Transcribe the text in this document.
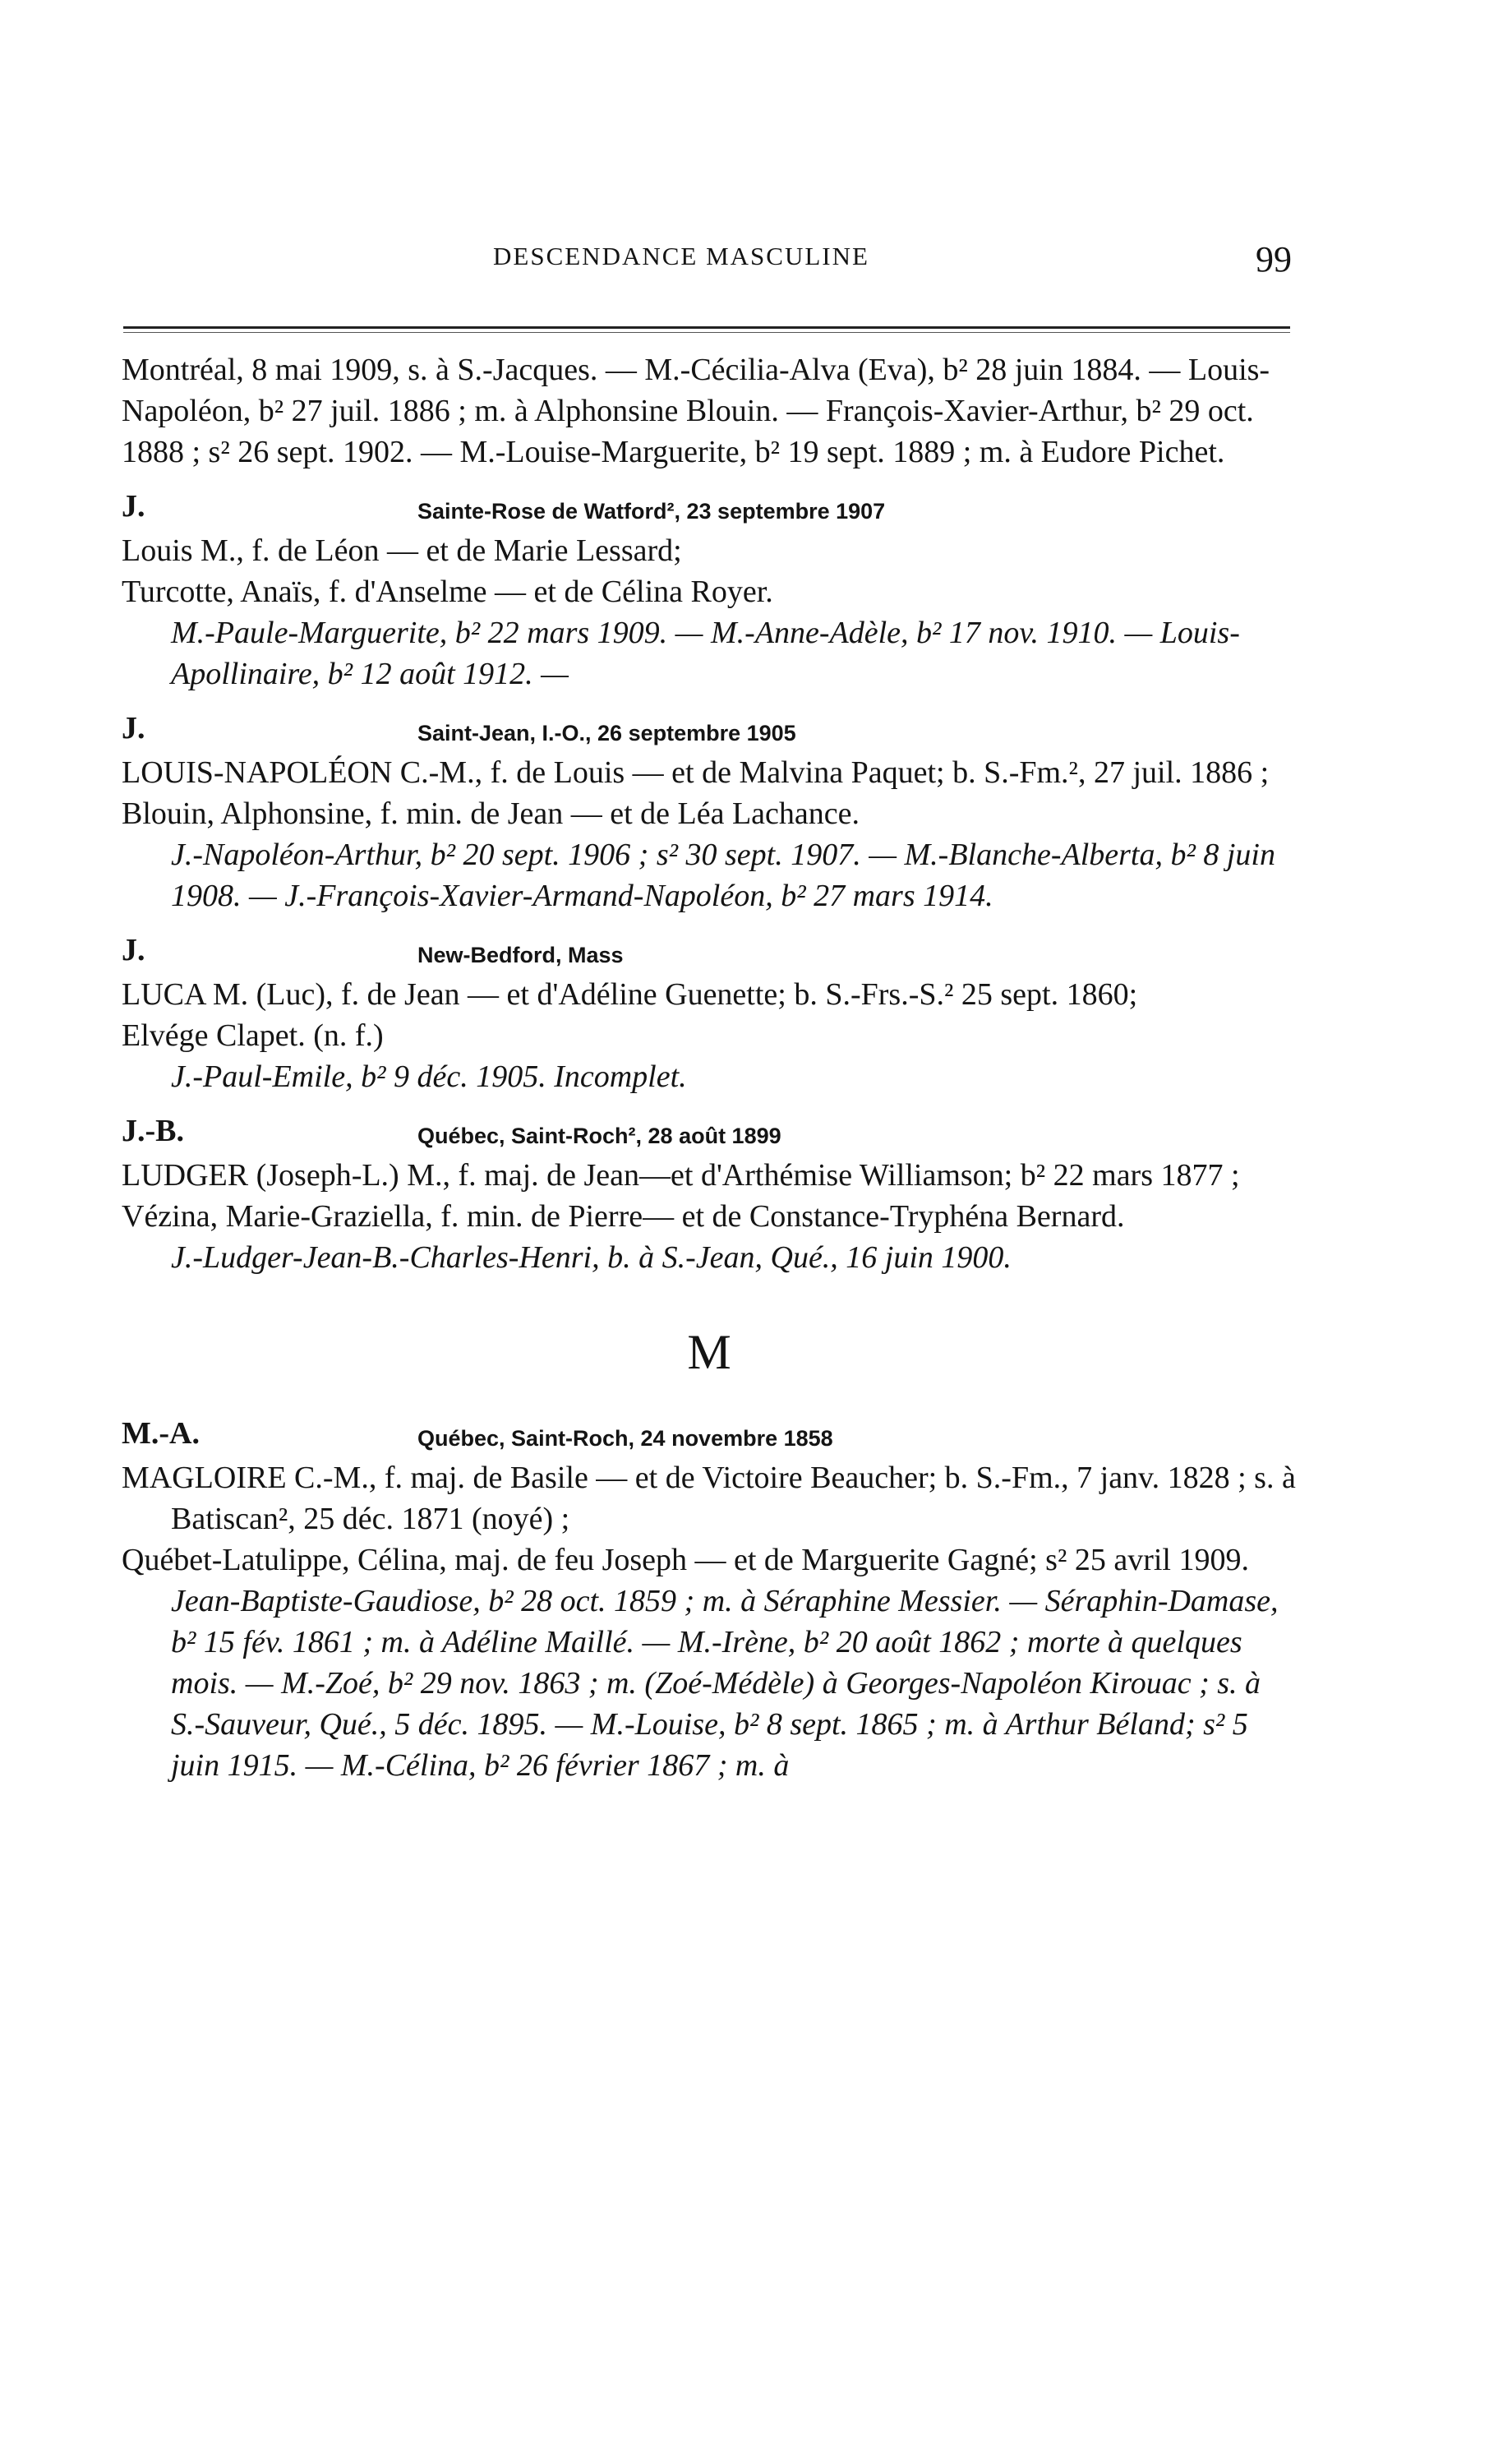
DESCENDANCE MASCULINE	99

Montréal, 8 mai 1909, s. à S.-Jacques. — M.-Cécilia-Alva (Eva), b² 28 juin 1884. — Louis-Napoléon, b² 27 juil. 1886 ; m. à Alphonsine Blouin. — François-Xavier-Arthur, b² 29 oct. 1888 ; s² 26 sept. 1902. — M.-Louise-Marguerite, b² 19 sept. 1889 ; m. à Eudore Pichet.

J.	Sainte-Rose de Watford², 23 septembre 1907

Louis M., f. de Léon — et de Marie Lessard;

Turcotte, Anaïs, f. d'Anselme — et de Célina Royer.

M.-Paule-Marguerite, b² 22 mars 1909. — M.-Anne-Adèle, b² 17 nov. 1910. — Louis-Apollinaire, b² 12 août 1912. —

J.	Saint-Jean, I.-O., 26 septembre 1905

LOUIS-NAPOLÉON C.-M., f. de Louis — et de Malvina Paquet; b. S.-Fm.², 27 juil. 1886 ;

Blouin, Alphonsine, f. min. de Jean — et de Léa Lachance.

J.-Napoléon-Arthur, b² 20 sept. 1906 ; s² 30 sept. 1907. — M.-Blanche-Alberta, b² 8 juin 1908. — J.-François-Xavier-Armand-Napoléon, b² 27 mars 1914.

J.	New-Bedford, Mass

LUCA M. (Luc), f. de Jean — et d'Adéline Guenette; b. S.-Frs.-S.² 25 sept. 1860;

Elvége Clapet. (n. f.)

J.-Paul-Emile, b² 9 déc. 1905. Incomplet.

J.-B.	Québec, Saint-Roch², 28 août 1899

LUDGER (Joseph-L.) M., f. maj. de Jean—et d'Arthémise Williamson; b² 22 mars 1877 ;

Vézina, Marie-Graziella, f. min. de Pierre— et de Constance-Tryphéna Bernard.

J.-Ludger-Jean-B.-Charles-Henri, b. à S.-Jean, Qué., 16 juin 1900.

M
M.-A.	Québec, Saint-Roch, 24 novembre 1858

MAGLOIRE C.-M., f. maj. de Basile — et de Victoire Beaucher; b. S.-Fm., 7 janv. 1828 ; s. à Batiscan², 25 déc. 1871 (noyé) ;

Québet-Latulippe, Célina, maj. de feu Joseph — et de Marguerite Gagné; s² 25 avril 1909.

Jean-Baptiste-Gaudiose, b² 28 oct. 1859 ; m. à Séraphine Messier. — Séraphin-Damase, b² 15 fév. 1861 ; m. à Adéline Maillé. — M.-Irène, b² 20 août 1862 ; morte à quelques mois. — M.-Zoé, b² 29 nov. 1863 ; m. (Zoé-Médèle) à Georges-Napoléon Kirouac ; s. à S.-Sauveur, Qué., 5 déc. 1895. — M.-Louise, b² 8 sept. 1865 ; m. à Arthur Béland; s² 5 juin 1915. — M.-Célina, b² 26 février 1867 ; m. à
